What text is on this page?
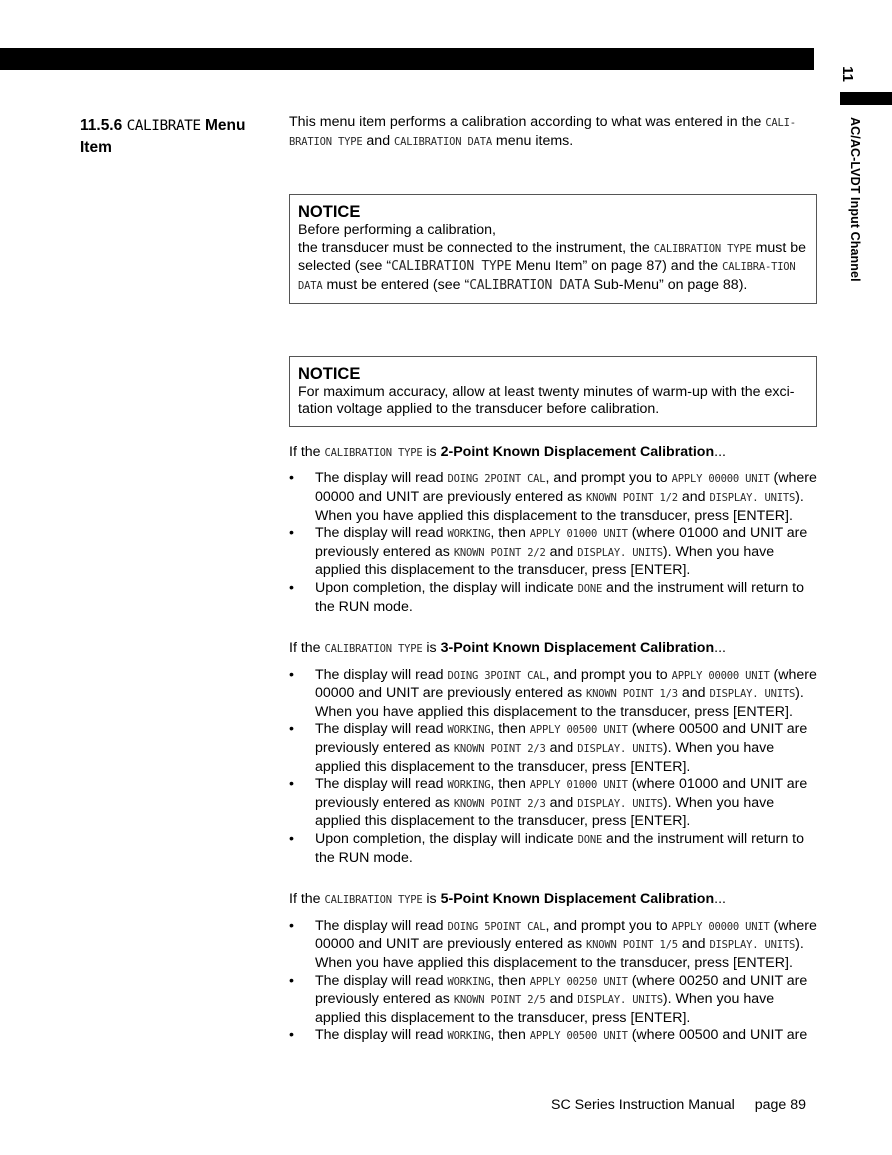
11
AC/AC-LVDT Input Channel
11.5.6 CALIBRATE Menu Item

This menu item performs a calibration according to what was entered in the CALI-BRATION TYPE and CALIBRATION DATA menu items.

NOTICE
Before performing a calibration,
the transducer must be connected to the instrument, the CALIBRATION TYPE must be selected (see “CALIBRATION TYPE Menu Item” on page 87) and the CALIBRA-TION DATA must be entered (see “CALIBRATION DATA Sub-Menu” on page 88).
NOTICE
For maximum accuracy, allow at least twenty minutes of warm-up with the exci-tation voltage applied to the transducer before calibration.

If the CALIBRATION TYPE is 2-Point Known Displacement Calibration...

• The display will read DOING 2POINT CAL, and prompt you to APPLY 00000 UNIT (where 00000 and UNIT are previously entered as KNOWN POINT 1/2 and DISPLAY. UNITS). When you have applied this displacement to the transducer, press [ENTER].
• The display will read WORKING, then APPLY 01000 UNIT (where 01000 and UNIT are previously entered as KNOWN POINT 2/2 and DISPLAY. UNITS). When you have applied this displacement to the transducer, press [ENTER].
• Upon completion, the display will indicate DONE and the instrument will return to the RUN mode.

If the CALIBRATION TYPE is 3-Point Known Displacement Calibration...

• The display will read DOING 3POINT CAL, and prompt you to APPLY 00000 UNIT (where 00000 and UNIT are previously entered as KNOWN POINT 1/3 and DISPLAY. UNITS). When you have applied this displacement to the transducer, press [ENTER].
• The display will read WORKING, then APPLY 00500 UNIT (where 00500 and UNIT are previously entered as KNOWN POINT 2/3 and DISPLAY. UNITS). When you have applied this displacement to the transducer, press [ENTER].
• The display will read WORKING, then APPLY 01000 UNIT (where 01000 and UNIT are previously entered as KNOWN POINT 2/3 and DISPLAY. UNITS). When you have applied this displacement to the transducer, press [ENTER].
• Upon completion, the display will indicate DONE and the instrument will return to the RUN mode.

If the CALIBRATION TYPE is 5-Point Known Displacement Calibration...

• The display will read DOING 5POINT CAL, and prompt you to APPLY 00000 UNIT (where 00000 and UNIT are previously entered as KNOWN POINT 1/5 and DISPLAY. UNITS). When you have applied this displacement to the transducer, press [ENTER].
• The display will read WORKING, then APPLY 00250 UNIT (where 00250 and UNIT are previously entered as KNOWN POINT 2/5 and DISPLAY. UNITS). When you have applied this displacement to the transducer, press [ENTER].
• The display will read WORKING, then APPLY 00500 UNIT (where 00500 and UNIT are
SC Series Instruction Manual page 89
